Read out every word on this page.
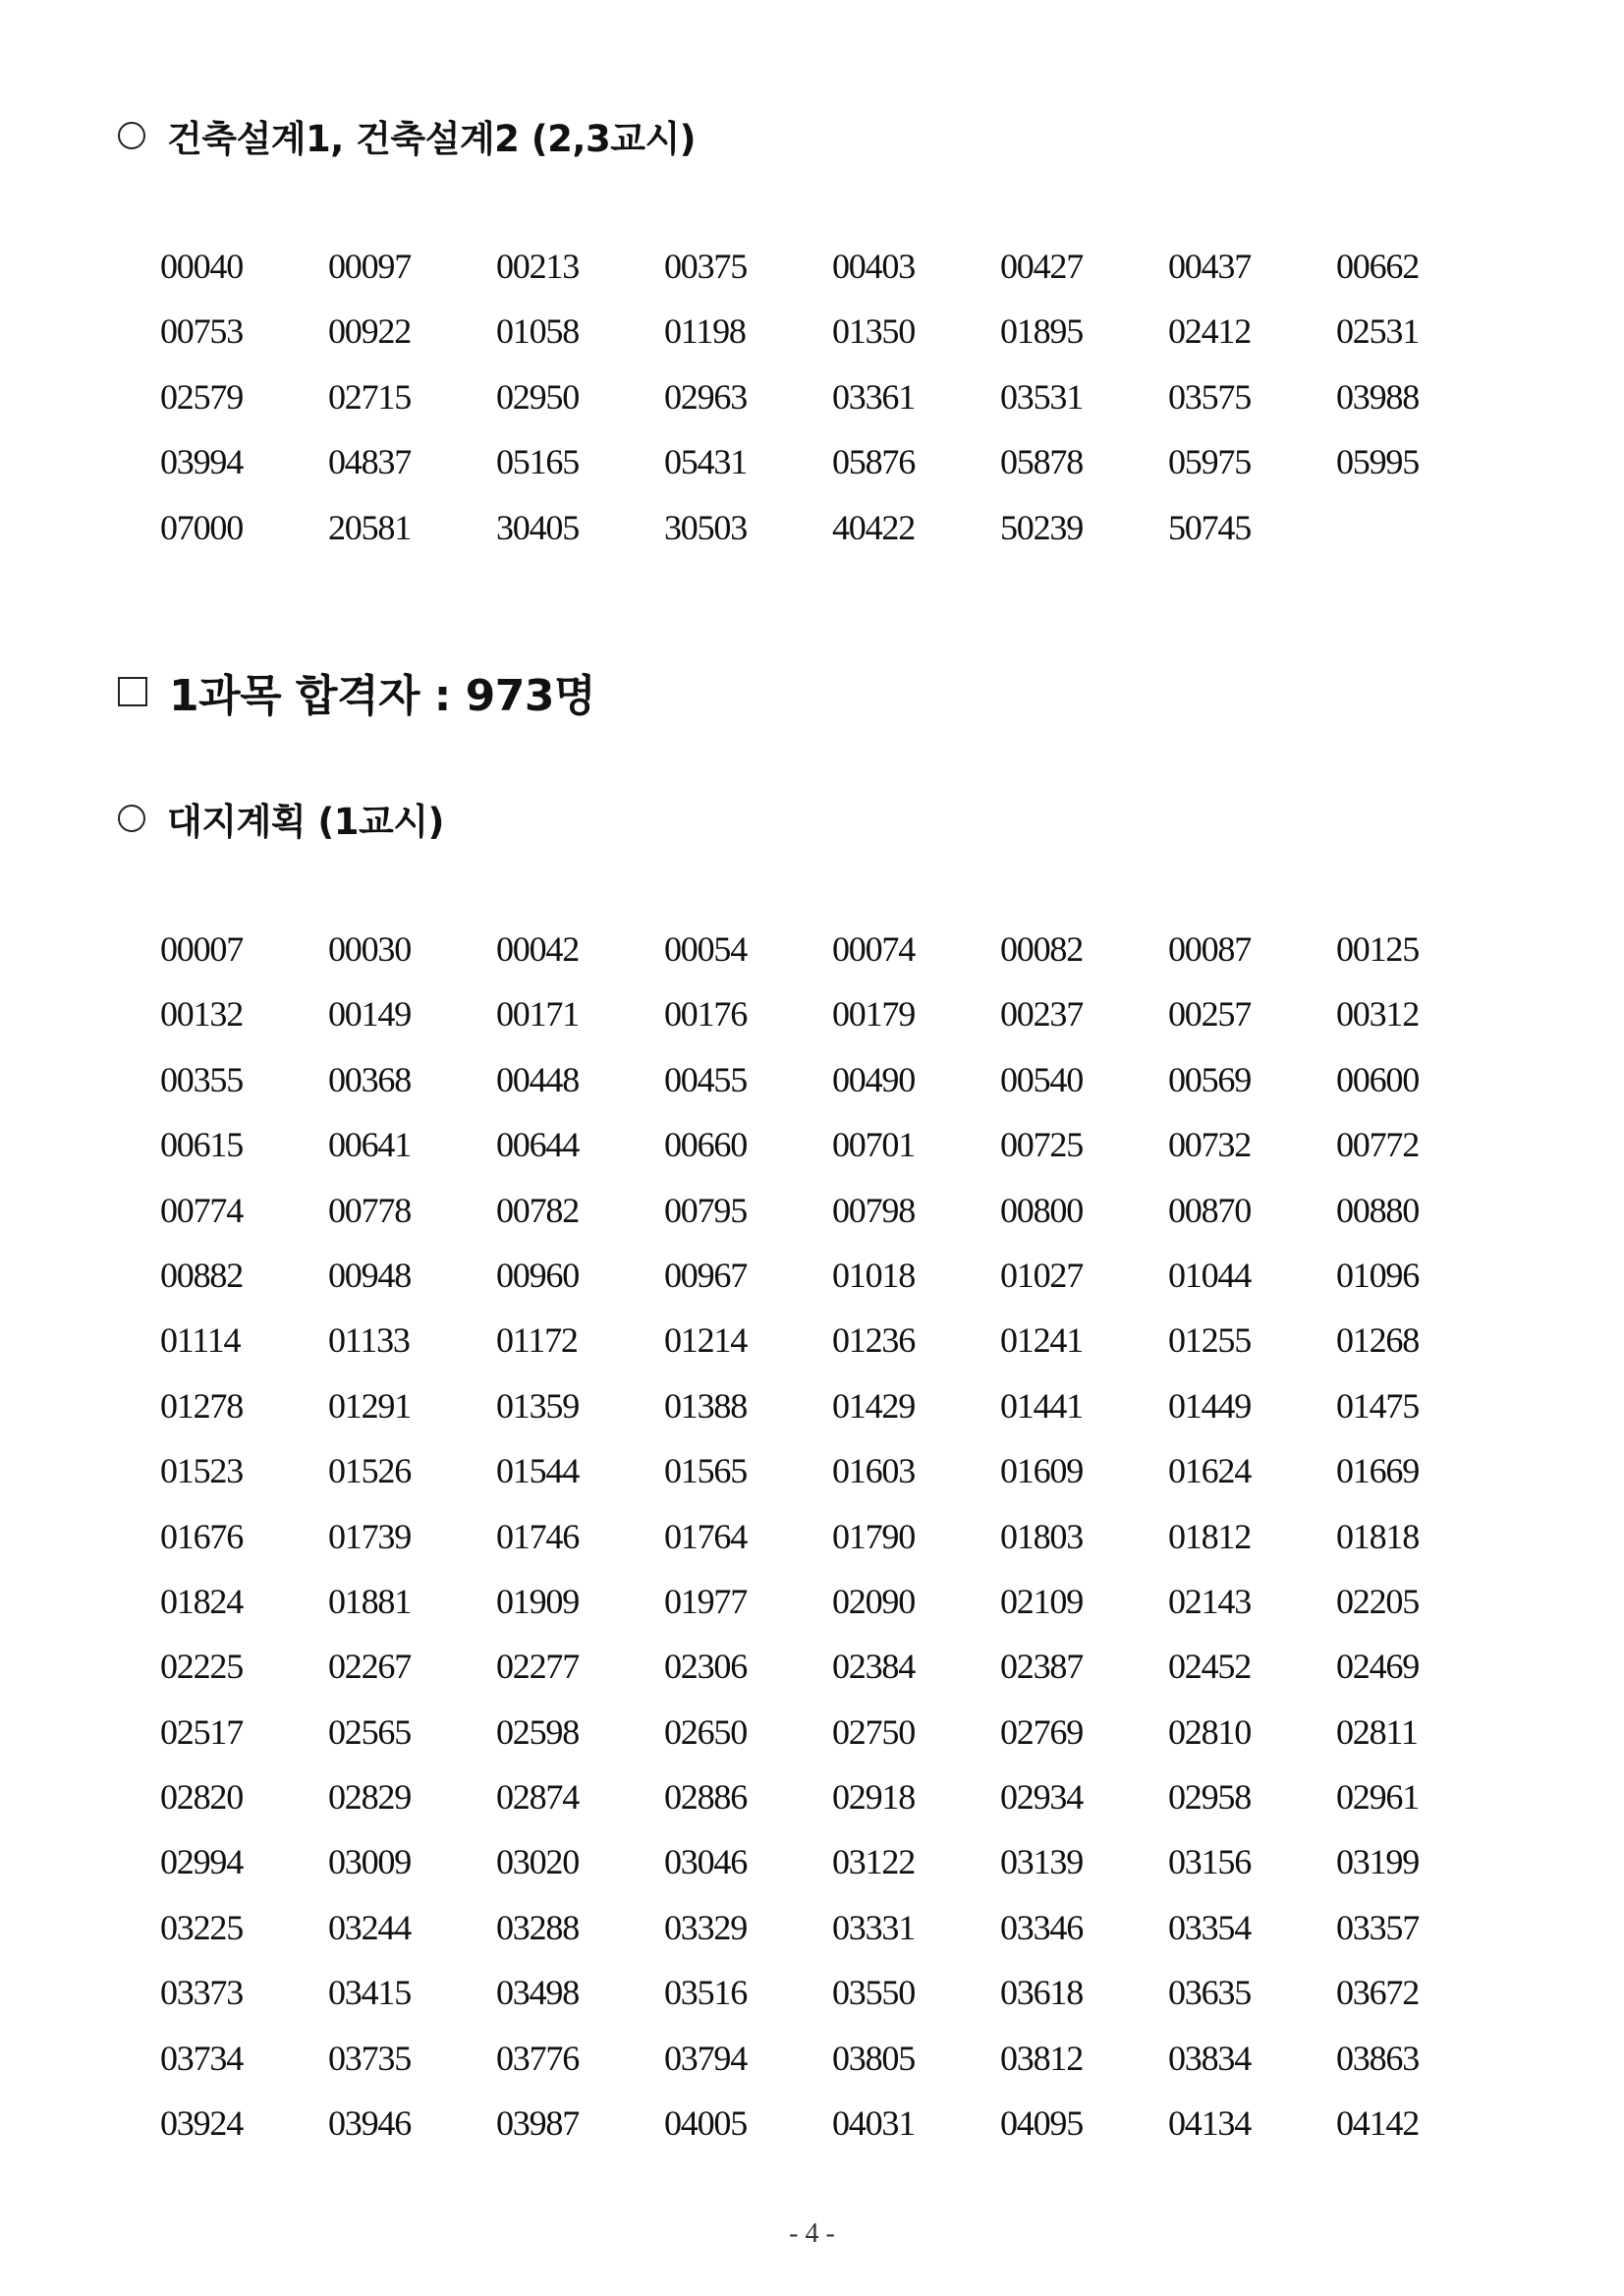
건축설계1, 건축설계2 (2,3교시)
00040	00097	00213	00375	00403	00427	00437	00662
00753	00922	01058	01198	01350	01895	02412	02531
02579	02715	02950	02963	03361	03531	03575	03988
03994	04837	05165	05431	05876	05878	05975	05995
07000	20581	30405	30503	40422	50239	50745
1과목 합격자 : 973명
대지계획 (1교시)
00007	00030	00042	00054	00074	00082	00087	00125
00132	00149	00171	00176	00179	00237	00257	00312
00355	00368	00448	00455	00490	00540	00569	00600
00615	00641	00644	00660	00701	00725	00732	00772
00774	00778	00782	00795	00798	00800	00870	00880
00882	00948	00960	00967	01018	01027	01044	01096
01114	01133	01172	01214	01236	01241	01255	01268
01278	01291	01359	01388	01429	01441	01449	01475
01523	01526	01544	01565	01603	01609	01624	01669
01676	01739	01746	01764	01790	01803	01812	01818
01824	01881	01909	01977	02090	02109	02143	02205
02225	02267	02277	02306	02384	02387	02452	02469
02517	02565	02598	02650	02750	02769	02810	02811
02820	02829	02874	02886	02918	02934	02958	02961
02994	03009	03020	03046	03122	03139	03156	03199
03225	03244	03288	03329	03331	03346	03354	03357
03373	03415	03498	03516	03550	03618	03635	03672
03734	03735	03776	03794	03805	03812	03834	03863
03924	03946	03987	04005	04031	04095	04134	04142
- 4 -
